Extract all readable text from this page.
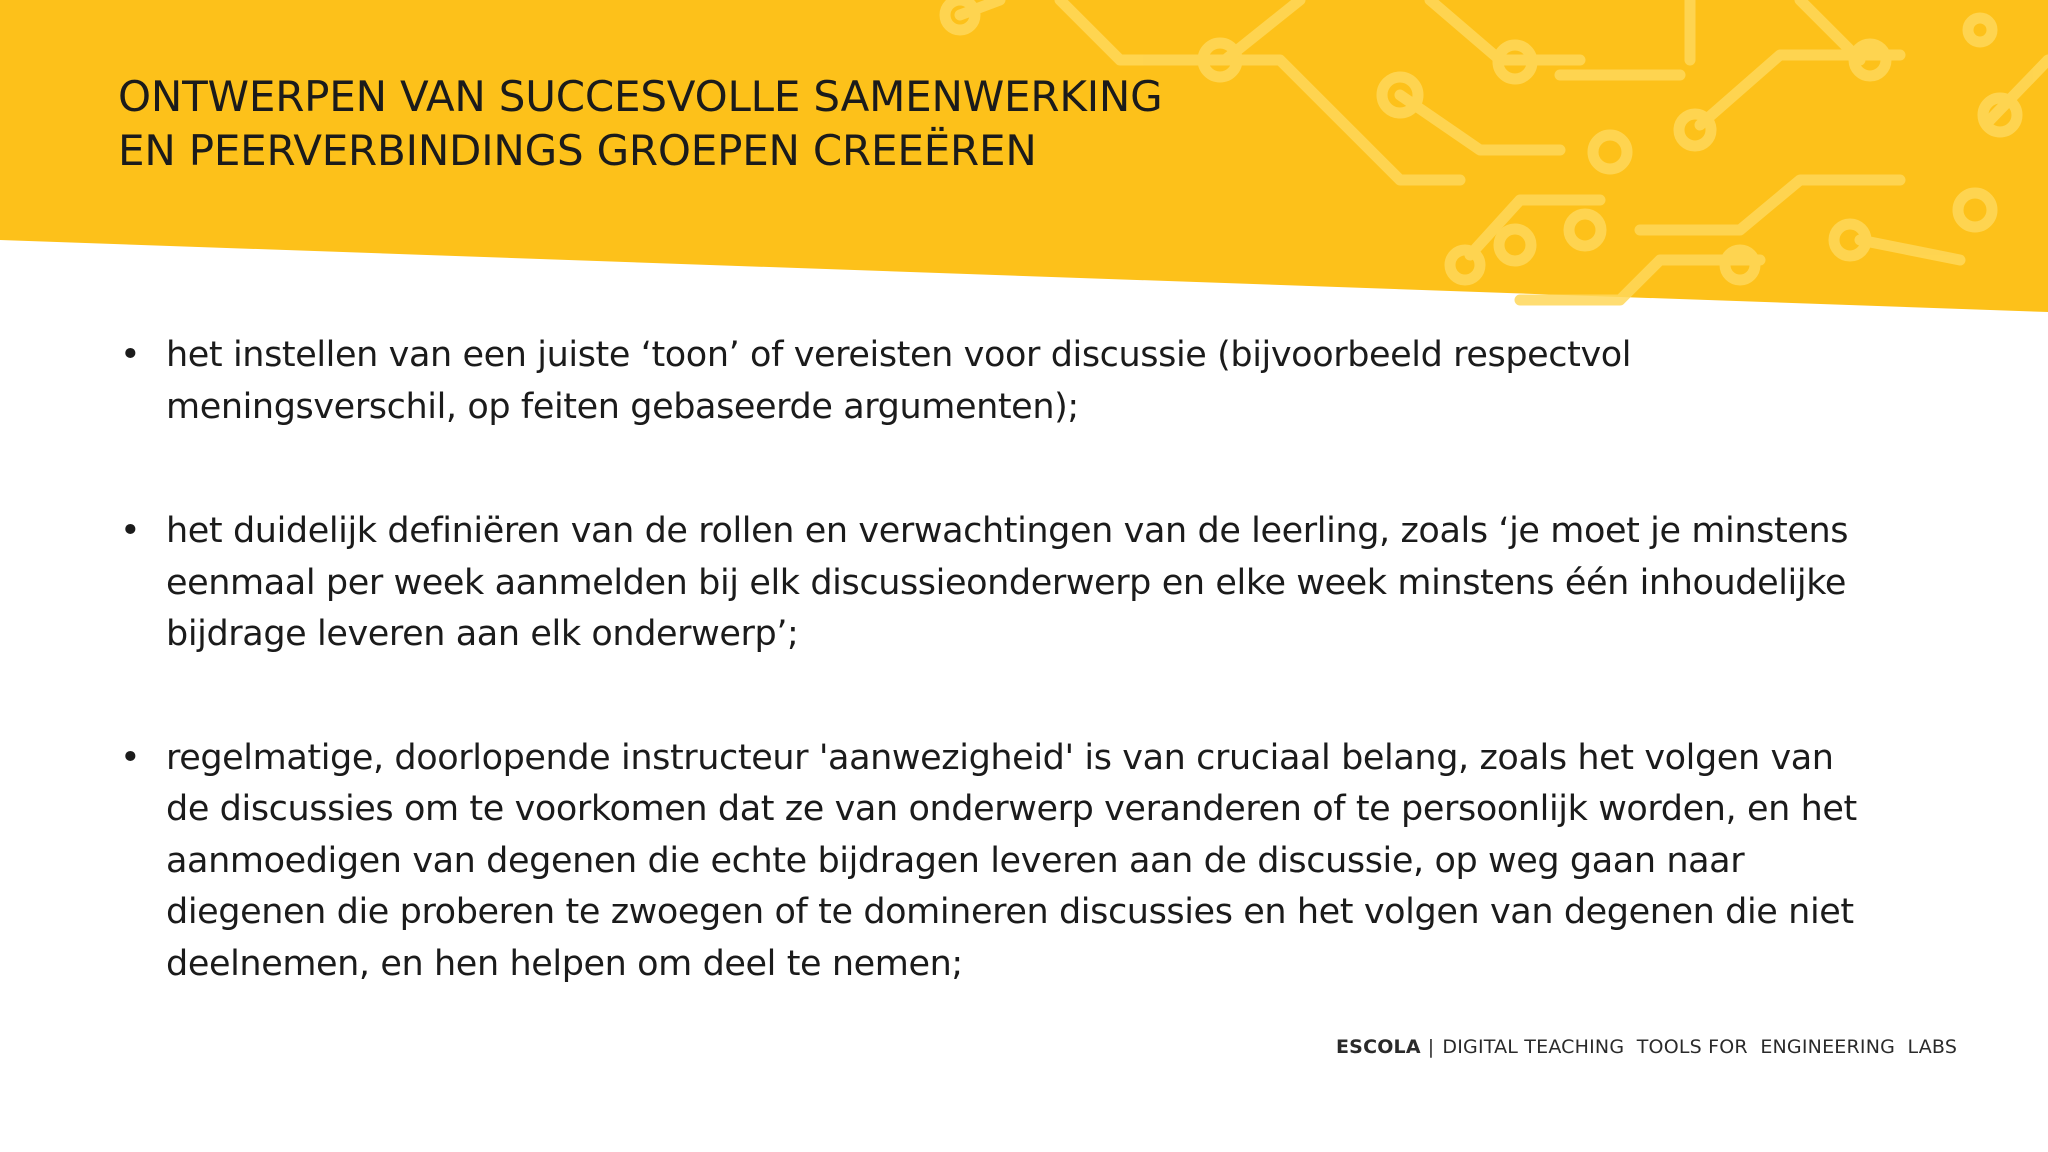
ONTWERPEN VAN SUCCESVOLLE SAMENWERKING
EN PEERVERBINDINGS GROEPEN CREEËREN
• het instellen van een juiste ‘toon’ of vereisten voor discussie (bijvoorbeeld respectvol
meningsverschil, op feiten gebaseerde argumenten);
• het duidelijk definiëren van de rollen en verwachtingen van de leerling, zoals ‘je moet je minstens
eenmaal per week aanmelden bij elk discussieonderwerp en elke week minstens één inhoudelijke
bijdrage leveren aan elk onderwerp’;
• regelmatige, doorlopende instructeur 'aanwezigheid' is van cruciaal belang, zoals het volgen van
de discussies om te voorkomen dat ze van onderwerp veranderen of te persoonlijk worden, en het
aanmoedigen van degenen die echte bijdragen leveren aan de discussie, op weg gaan naar
diegenen die proberen te zwoegen of te domineren discussies en het volgen van degenen die niet
deelnemen, en hen helpen om deel te nemen;
ESCOLA | DIGITAL TEACHING  TOOLS FOR  ENGINEERING  LABS
